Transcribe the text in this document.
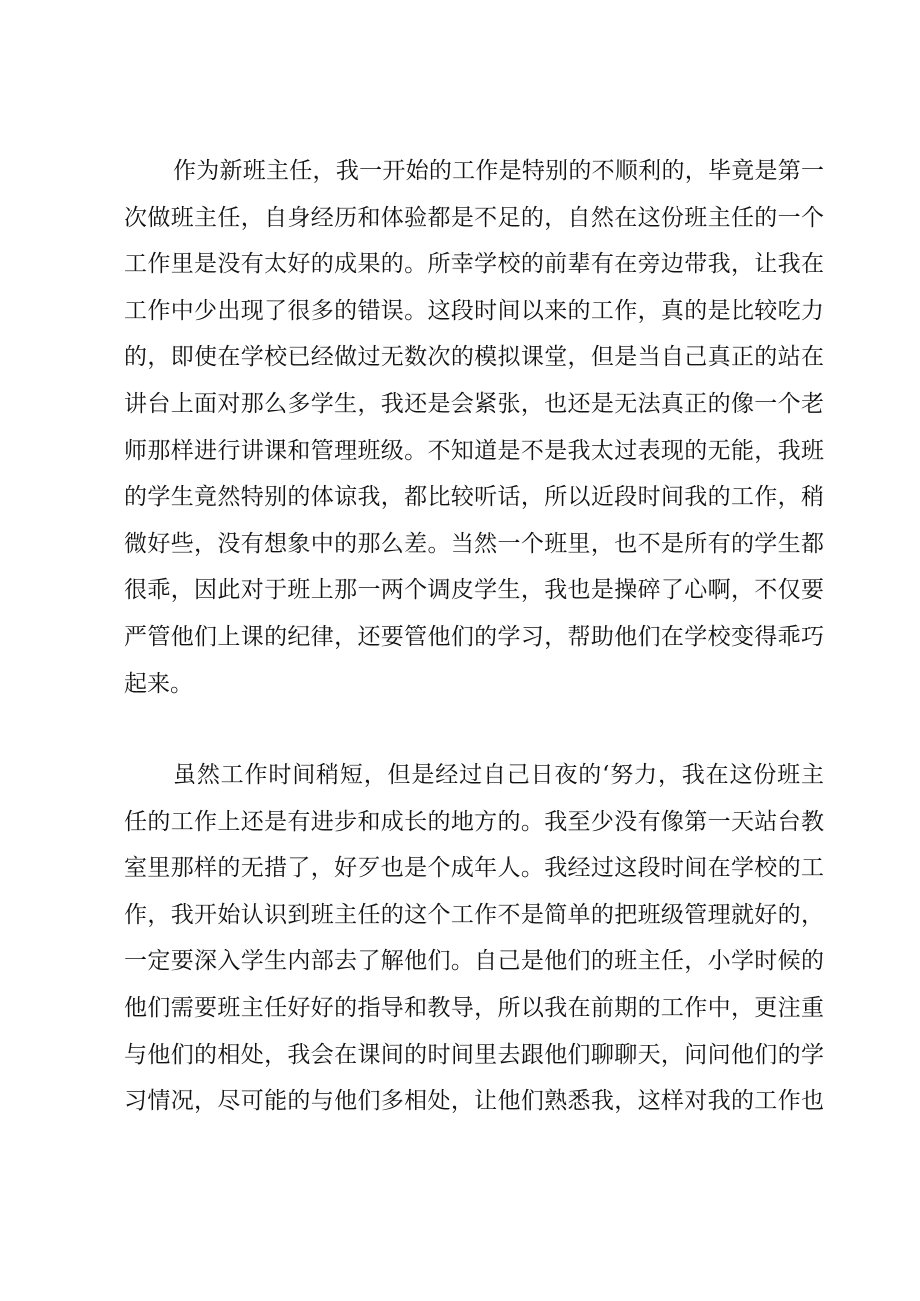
作为新班主任，我一开始的工作是特别的不顺利的，毕竟是第一
次做班主任，自身经历和体验都是不足的，自然在这份班主任的一个
工作里是没有太好的成果的。所幸学校的前辈有在旁边带我，让我在
工作中少出现了很多的错误。这段时间以来的工作，真的是比较吃力
的，即使在学校已经做过无数次的模拟课堂，但是当自己真正的站在
讲台上面对那么多学生，我还是会紧张，也还是无法真正的像一个老
师那样进行讲课和管理班级。不知道是不是我太过表现的无能，我班
的学生竟然特别的体谅我，都比较听话，所以近段时间我的工作，稍
微好些，没有想象中的那么差。当然一个班里，也不是所有的学生都
很乖，因此对于班上那一两个调皮学生，我也是操碎了心啊，不仅要
严管他们上课的纪律，还要管他们的学习，帮助他们在学校变得乖巧
起来。
虽然工作时间稍短，但是经过自己日夜的‘努力，我在这份班主
任的工作上还是有进步和成长的地方的。我至少没有像第一天站台教
室里那样的无措了，好歹也是个成年人。我经过这段时间在学校的工
作，我开始认识到班主任的这个工作不是简单的把班级管理就好的，
一定要深入学生内部去了解他们。自己是他们的班主任，小学时候的
他们需要班主任好好的指导和教导，所以我在前期的工作中，更注重
与他们的相处，我会在课间的时间里去跟他们聊聊天，问问他们的学
习情况，尽可能的与他们多相处，让他们熟悉我，这样对我的工作也
